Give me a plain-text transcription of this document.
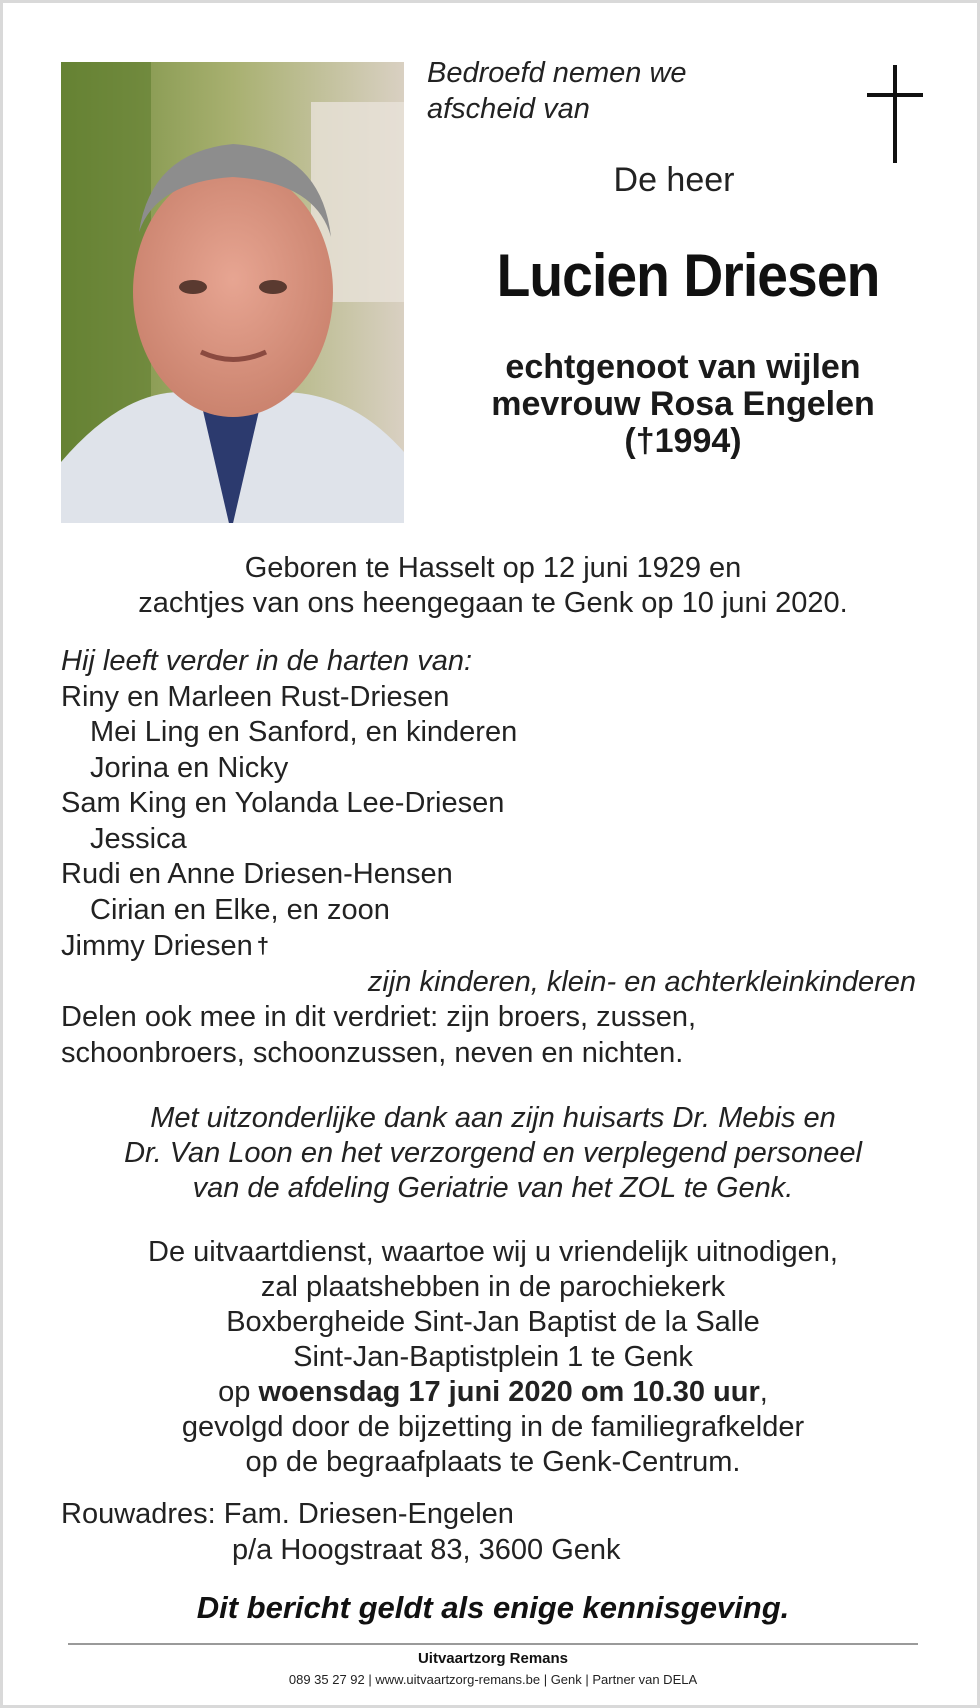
Bedroefd nemen we
afscheid van
De heer
Lucien Driesen
echtgenoot van wijlen
mevrouw Rosa Engelen
(†1994)
Geboren te Hasselt op 12 juni 1929 en
zachtjes van ons heengegaan te Genk op 10 juni 2020.
Hij leeft verder in de harten van:
Riny en Marleen Rust-Driesen
Mei Ling en Sanford, en kinderen
Jorina en Nicky
Sam King en Yolanda Lee-Driesen
Jessica
Rudi en Anne Driesen-Hensen
Cirian en Elke, en zoon
Jimmy Driesen †
zijn kinderen, klein- en achterkleinkinderen
Delen ook mee in dit verdriet: zijn broers, zussen,
schoonbroers, schoonzussen, neven en nichten.
Met uitzonderlijke dank aan zijn huisarts Dr. Mebis en
Dr. Van Loon en het verzorgend en verplegend personeel
van de afdeling Geriatrie van het ZOL te Genk.
De uitvaartdienst, waartoe wij u vriendelijk uitnodigen,
zal plaatshebben in de parochiekerk
Boxbergheide Sint-Jan Baptist de la Salle
Sint-Jan-Baptistplein 1 te Genk
op woensdag 17 juni 2020 om 10.30 uur,
gevolgd door de bijzetting in de familiegrafkelder
op de begraafplaats te Genk-Centrum.
Rouwadres: Fam. Driesen-Engelen
p/a Hoogstraat 83, 3600 Genk
Dit bericht geldt als enige kennisgeving.
Uitvaartzorg Remans
089 35 27 92 | www.uitvaartzorg-remans.be | Genk | Partner van DELA
